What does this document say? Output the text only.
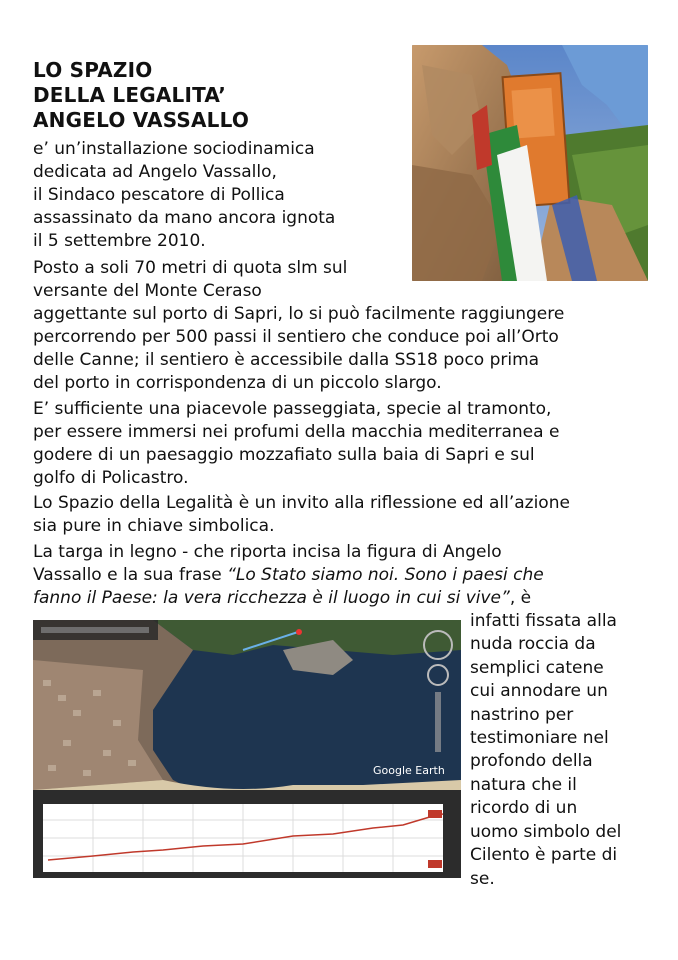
LO SPAZIO
DELLA LEGALITA’
ANGELO VASSALLO
e’ un’installazione sociodinamica
dedicata ad Angelo Vassallo,
il Sindaco pescatore di Pollica
assassinato da mano ancora ignota
il 5 settembre 2010.
Posto a soli 70 metri di quota slm sul
versante del Monte Ceraso
aggettante sul porto di Sapri, lo si può facilmente raggiungere
percorrendo per 500 passi il sentiero che conduce poi all’Orto
delle Canne; il sentiero è accessibile dalla SS18 poco prima
del porto in corrispondenza di un piccolo slargo.
E’ sufficiente una piacevole passeggiata, specie al tramonto,
per essere immersi nei profumi della macchia mediterranea e
godere di un paesaggio mozzafiato sulla baia di Sapri e sul
golfo di Policastro.
Lo Spazio della Legalità è un invito alla riflessione ed all’azione
sia pure in chiave simbolica.
La targa in legno - che riporta incisa la figura di Angelo
Vassallo e la sua frase “Lo Stato siamo noi. Sono i paesi che
fanno il Paese: la vera ricchezza è il luogo in cui si vive”, è
Google Earth
infatti fissata alla
nuda roccia da
semplici catene
cui annodare un
nastrino per
testimoniare nel
profondo della
natura che il
ricordo di un
uomo simbolo del
Cilento è parte di
se.
